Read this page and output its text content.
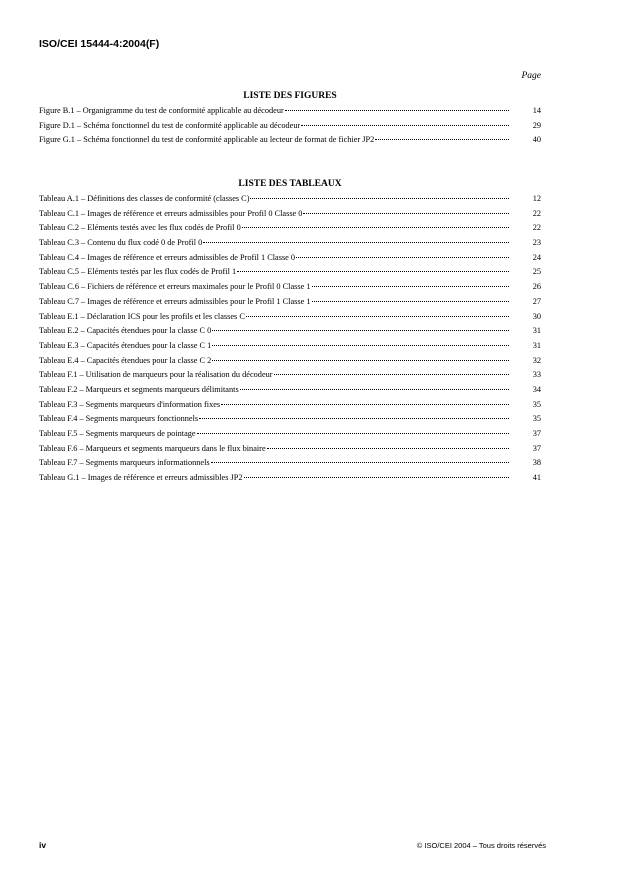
ISO/CEI 15444-4:2004(F)
Page
LISTE DES FIGURES
Figure B.1 – Organigramme du test de conformité applicable au décodeur	14
Figure D.1 – Schéma fonctionnel du test de conformité applicable au décodeur	29
Figure G.1 – Schéma fonctionnel du test de conformité applicable au lecteur de format de fichier JP2	40
LISTE DES TABLEAUX
Tableau A.1 – Définitions des classes de conformité (classes C)	12
Tableau C.1 – Images de référence et erreurs admissibles pour Profil 0 Classe 0	22
Tableau C.2 – Eléments testés avec les flux codés de Profil 0	22
Tableau C.3 – Contenu du flux codé 0 de Profil 0	23
Tableau C.4 – Images de référence et erreurs admissibles de Profil 1 Classe 0	24
Tableau C.5 – Eléments testés par les flux codés de Profil 1	25
Tableau C.6 – Fichiers de référence et erreurs maximales pour le Profil 0 Classe 1	26
Tableau C.7 – Images de référence et erreurs admissibles pour le Profil 1 Classe 1	27
Tableau E.1 – Déclaration ICS pour les profils et les classes C	30
Tableau E.2 – Capacités étendues pour la classe C 0	31
Tableau E.3 – Capacités étendues pour la classe C 1	31
Tableau E.4 – Capacités étendues pour la classe C 2	32
Tableau F.1 – Utilisation de marqueurs pour la réalisation du décodeur	33
Tableau F.2 – Marqueurs et segments marqueurs délimitants	34
Tableau F.3 – Segments marqueurs d'information fixes	35
Tableau F.4 – Segments marqueurs fonctionnels	35
Tableau F.5 – Segments marqueurs de pointage	37
Tableau F.6 – Marqueurs et segments marqueurs dans le flux binaire	37
Tableau F.7 – Segments marqueurs informationnels	38
Tableau G.1 – Images de référence et erreurs admissibles JP2	41
iv	© ISO/CEI 2004 – Tous droits réservés
